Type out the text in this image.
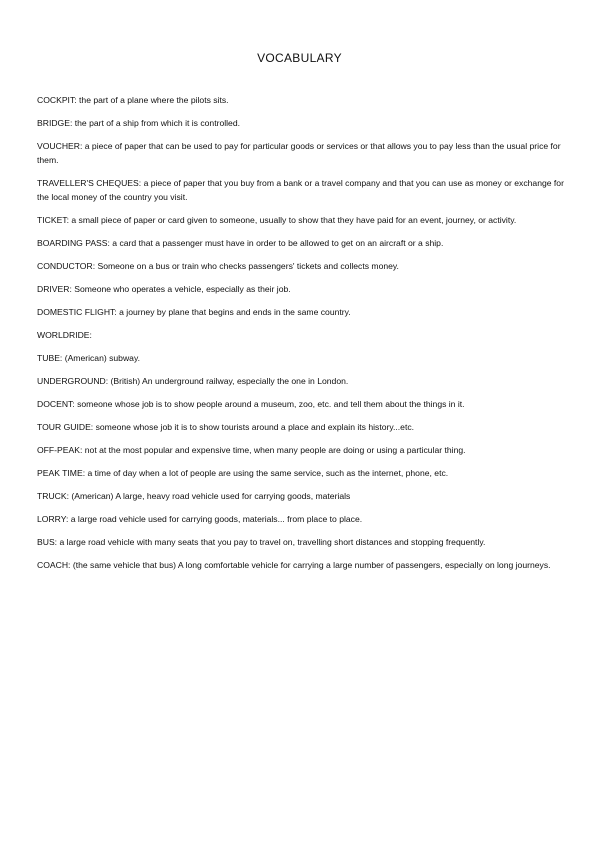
VOCABULARY
COCKPIT: the part of a plane where the pilots sits.
BRIDGE: the part of a ship from which it is controlled.
VOUCHER: a piece of paper that can be used to pay for particular goods or services or that allows you to pay less than the usual price for them.
TRAVELLER'S CHEQUES: a piece of paper that you buy from a bank or a travel company and that you can use as money or exchange for the local money of the country you visit.
TICKET: a small piece of paper or card given to someone, usually to show that they have paid for an event, journey, or activity.
BOARDING PASS: a card that a passenger must have in order to be allowed to get on an aircraft or a ship.
CONDUCTOR: Someone on a bus or train who checks passengers' tickets and collects money.
DRIVER: Someone who operates a vehicle, especially as their job.
DOMESTIC FLIGHT: a journey by plane that begins and ends in the same country.
WORLDRIDE:
TUBE: (American) subway.
UNDERGROUND: (British) An underground railway, especially the one in London.
DOCENT: someone whose job is to show people around a museum, zoo, etc. and tell them about the things in it.
TOUR GUIDE: someone whose job it is to show tourists around a place and explain its history...etc.
OFF-PEAK: not at the most popular and expensive time, when many people are doing or using a particular thing.
PEAK TIME: a time of day when a lot of people are using the same service, such as the internet, phone, etc.
TRUCK: (American) A large, heavy road vehicle used for carrying goods, materials
LORRY: a large road vehicle used for carrying goods, materials... from place to place.
BUS: a large road vehicle with many seats that you pay to travel on, travelling short distances and stopping frequently.
COACH: (the same vehicle that bus) A long comfortable vehicle for carrying a large number of passengers, especially on long journeys.
